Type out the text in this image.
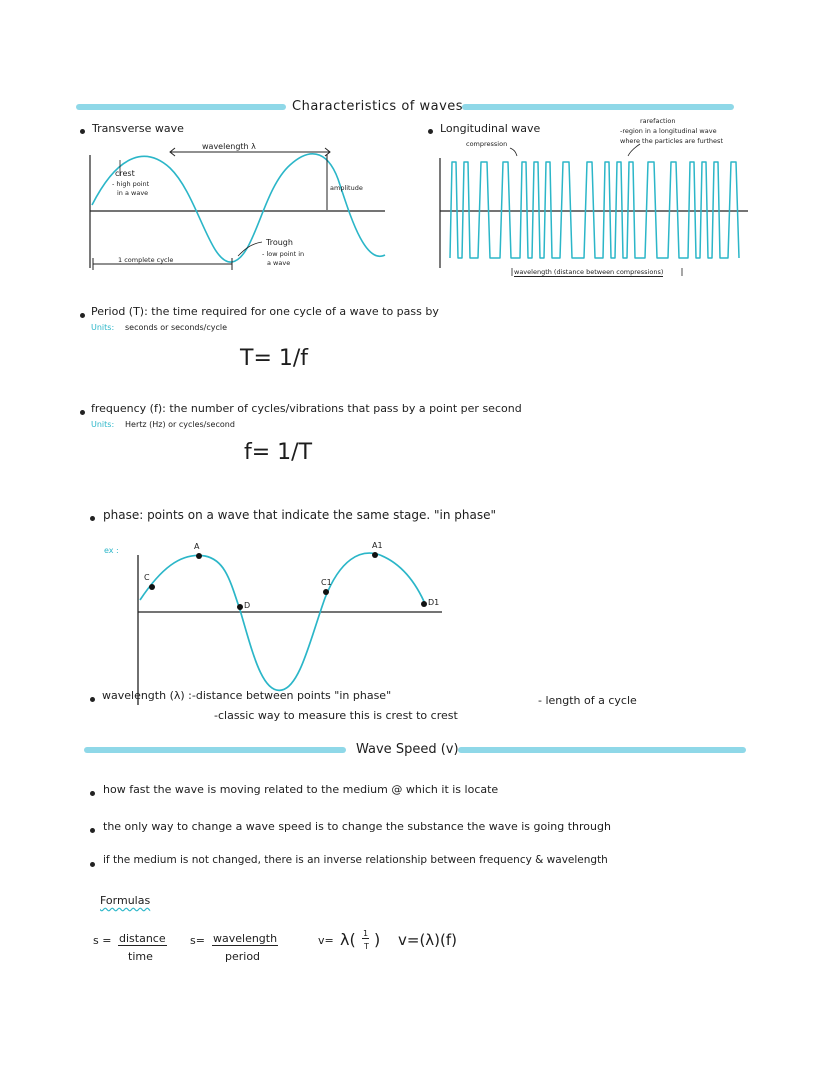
Characteristics of waves
Transverse wave
wavelength λ
crest
- high point
in a wave
amplitude
Trough
- low point in
a wave
1 complete cycle
Longitudinal wave
compression
rarefaction
-region in a longitudinal wave
where the particles are furthest
wavelength (distance between compressions)
Period (T): the time required for one cycle of a wave to pass by
Units: seconds or seconds/cycle
T= 1/f
frequency (f): the number of cycles/vibrations that pass by a point per second
Units: Hertz (Hz) or cycles/second
f= 1/T
phase: points on a wave that indicate the same stage. "in phase"
ex :	A	A1
C
C1
D	D1
wavelength (λ) :-distance between points "in phase"
-classic way to measure this is crest to crest
- length of a cycle
Wave Speed (v)
how fast the wave is moving related to the medium @ which it is locate
the only way to change a wave speed is to change the substance the wave is going through
if the medium is not changed, there is an inverse relationship between frequency & wavelength
Formulas
s = distance
time
s= wavelength
period
v= λ( 1
T ) v=(λ)(f)
